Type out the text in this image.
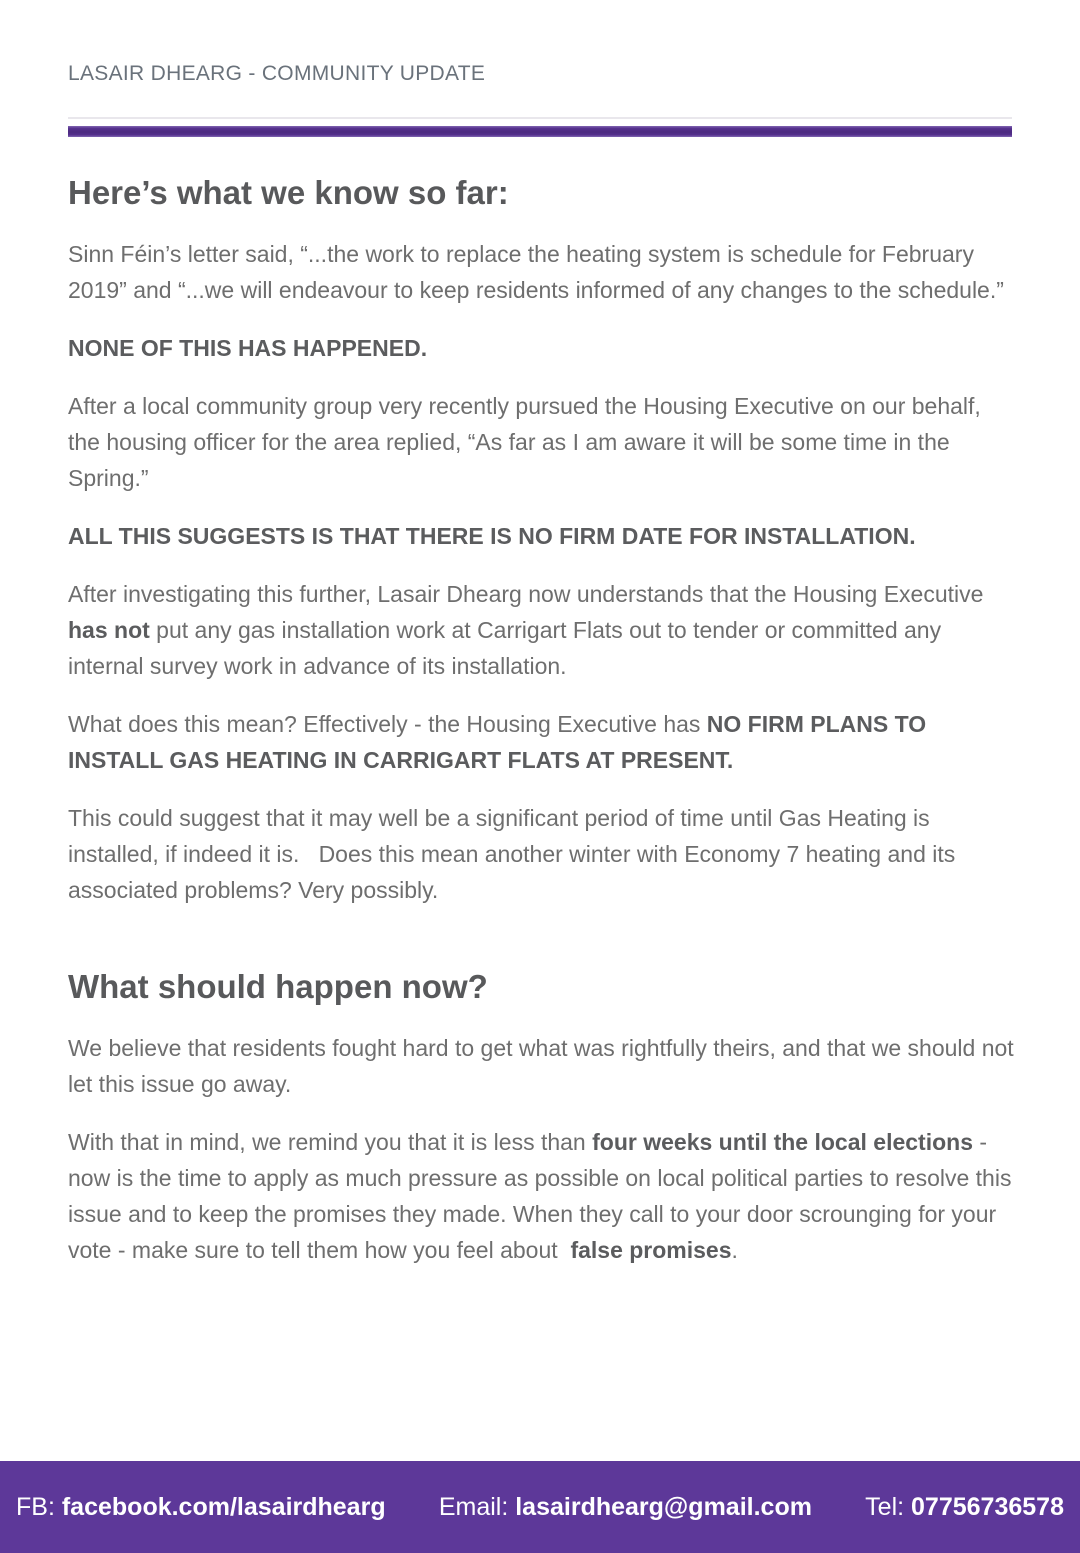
LASAIR DHEARG - COMMUNITY UPDATE
Here’s what we know so far:

Sinn Féin’s letter said, “...the work to replace the heating system is schedule for February 2019” and “...we will endeavour to keep residents informed of any changes to the schedule.”

NONE OF THIS HAS HAPPENED.

After a local community group very recently pursued the Housing Executive on our behalf, the housing officer for the area replied, “As far as I am aware it will be some time in the Spring.”

ALL THIS SUGGESTS IS THAT THERE IS NO FIRM DATE FOR INSTALLATION.

After investigating this further, Lasair Dhearg now understands that the Housing Executive has not put any gas installation work at Carrigart Flats out to tender or committed any internal survey work in advance of its installation.

What does this mean? Effectively - the Housing Executive has NO FIRM PLANS TO INSTALL GAS HEATING IN CARRIGART FLATS AT PRESENT.

This could suggest that it may well be a significant period of time until Gas Heating is installed, if indeed it is.   Does this mean another winter with Economy 7 heating and its associated problems? Very possibly.

What should happen now?

We believe that residents fought hard to get what was rightfully theirs, and that we should not let this issue go away.

With that in mind, we remind you that it is less than four weeks until the local elections - now is the time to apply as much pressure as possible on local political parties to resolve this issue and to keep the promises they made. When they call to your door scrounging for your vote - make sure to tell them how you feel about  false promises.

FB: facebook.com/lasairdhearg Email: lasairdhearg@gmail.com Tel: 07756736578
